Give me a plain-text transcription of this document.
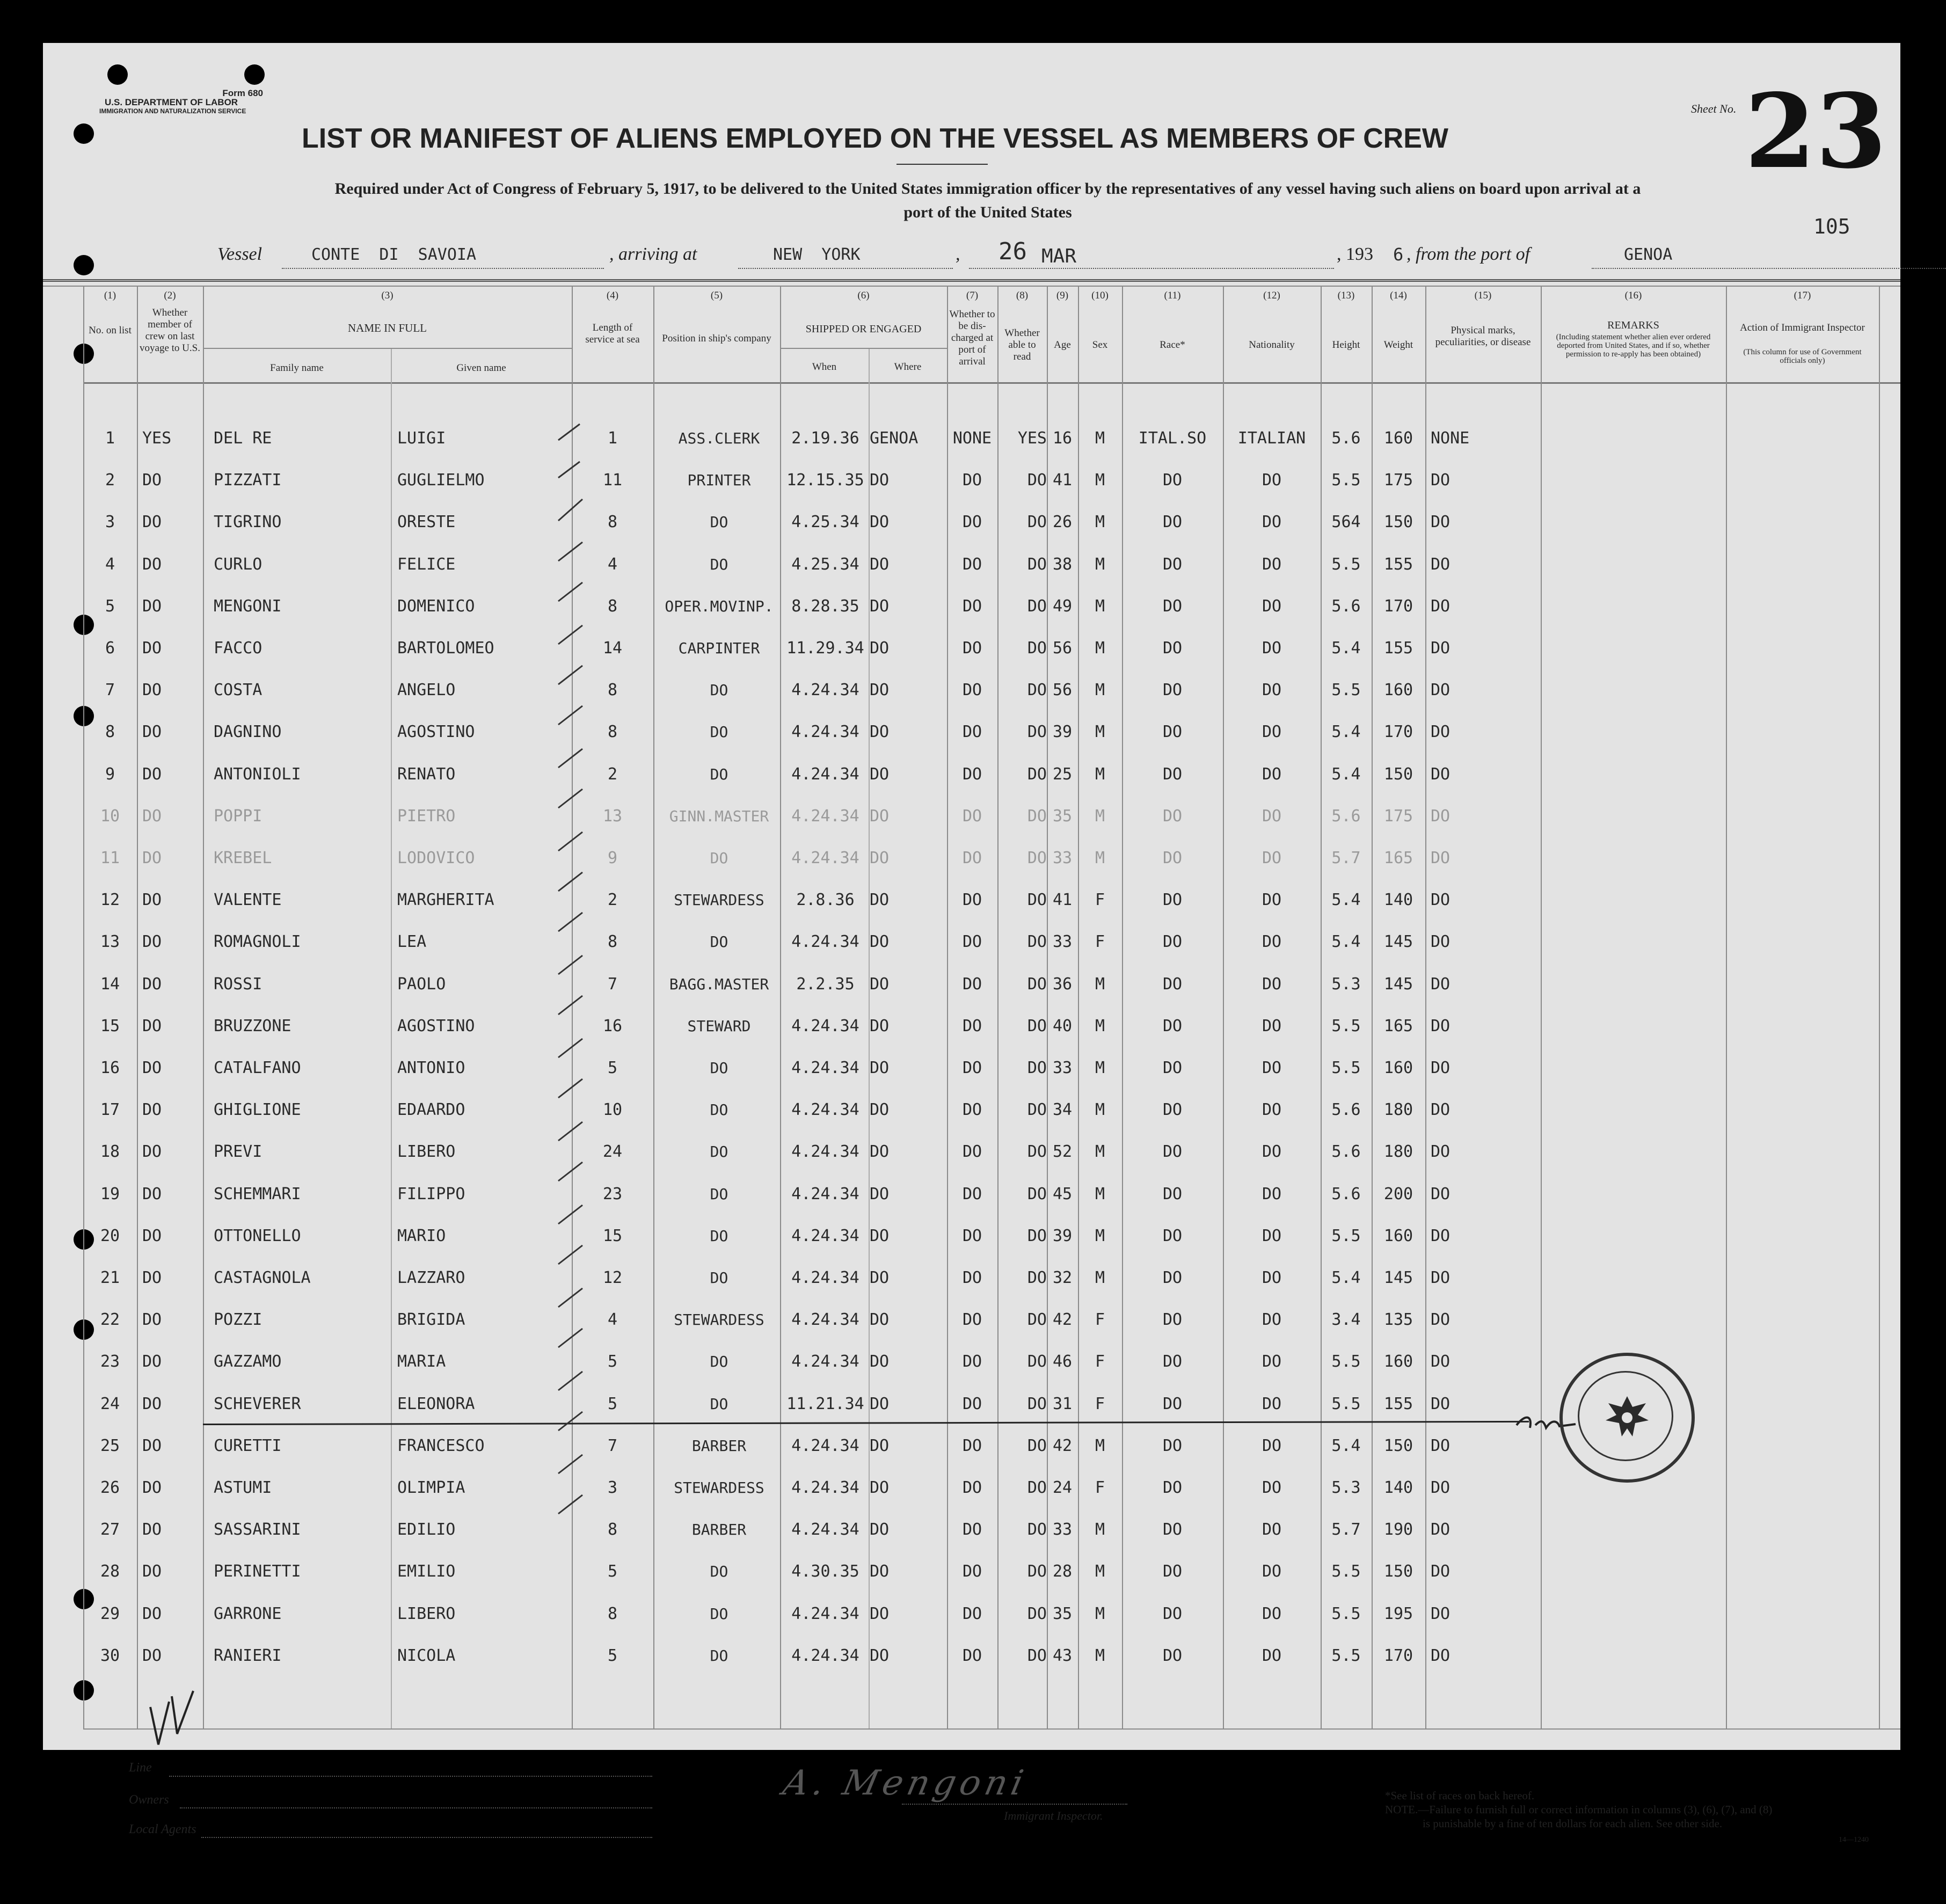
Form 680
U.S. DEPARTMENT OF LABOR
IMMIGRATION AND NATURALIZATION SERVICE
LIST OR MANIFEST OF ALIENS EMPLOYED ON THE VESSEL AS MEMBERS OF CREW
Required under Act of Congress of February 5, 1917, to be delivered to the United States immigration officer by the representatives of any vessel having such aliens on board upon arrival at a
port of the United States
Sheet No. 23
105
Vessel	CONTE  DI  SAVOIA	, arriving at	NEW  YORK	, 26 MAR	, 193 6 , from the port of	GENOA
(1)	(2)	(3)	(4)	(5)	(6)	(7)	(8)	(9)	(10)	(11)	(12)	(13)	(14)	(15)	(16)	(17)
No. on list
Whether member of crew on last voyage to U.S.
NAME IN FULL
Family name	Given name
Length of service at sea Position in ship's company
SHIPPED OR ENGAGED
When	Where
Whether to be dis-charged at port of arrival
Whether able to read
Age	Sex	Race*	Nationality	Height	Weight
Physical marks, peculiarities, or disease
REMARKS
(Including statement whether alien ever ordered deported from United States, and if so, whether permission to re-apply has been obtained)
Action of Immigrant Inspector
(This column for use of Government officials only)
1	YES	DEL RE	LUIGI	1	ASS.CLERK	2.19.36 GENOA	NONE	YES 16	M	ITAL.SO	ITALIAN	5.6	160	NONE
2	DO	PIZZATI	GUGLIELMO	11	PRINTER	12.15.35 DO	DO	DO 41	M	DO	DO	5.5	175	DO
3	DO	TIGRINO	ORESTE	8	DO	4.25.34 DO	DO	DO 26	M	DO	DO	564	150	DO
4	DO	CURLO	FELICE	4	DO	4.25.34 DO	DO	DO 38	M	DO	DO	5.5	155	DO
5	DO	MENGONI	DOMENICO	8	OPER.MOVINP.	8.28.35 DO	DO	DO 49	M	DO	DO	5.6	170	DO
6	DO	FACCO	BARTOLOMEO	14	CARPINTER	11.29.34 DO	DO	DO 56	M	DO	DO	5.4	155	DO
7	DO	COSTA	ANGELO	8	DO	4.24.34 DO	DO	DO 56	M	DO	DO	5.5	160	DO
8	DO	DAGNINO	AGOSTINO	8	DO	4.24.34 DO	DO	DO 39	M	DO	DO	5.4	170	DO
9	DO	ANTONIOLI	RENATO	2	DO	4.24.34 DO	DO	DO 25	M	DO	DO	5.4	150	DO
10	DO	POPPI	PIETRO	13	GINN.MASTER	4.24.34 DO	DO	DO 35	M	DO	DO	5.6	175	DO
11	DO	KREBEL	LODOVICO	9	DO	4.24.34 DO	DO	DO 33	M	DO	DO	5.7	165	DO
12	DO	VALENTE	MARGHERITA	2	STEWARDESS	2.8.36 DO	DO	DO 41	F	DO	DO	5.4	140	DO
13	DO	ROMAGNOLI	LEA	8	DO	4.24.34 DO	DO	DO 33	F	DO	DO	5.4	145	DO
14	DO	ROSSI	PAOLO	7	BAGG.MASTER	2.2.35 DO	DO	DO 36	M	DO	DO	5.3	145	DO
15	DO	BRUZZONE	AGOSTINO	16	STEWARD	4.24.34 DO	DO	DO 40	M	DO	DO	5.5	165	DO
16	DO	CATALFANO	ANTONIO	5	DO	4.24.34 DO	DO	DO 33	M	DO	DO	5.5	160	DO
17	DO	GHIGLIONE	EDAARDO	10	DO	4.24.34 DO	DO	DO 34	M	DO	DO	5.6	180	DO
18	DO	PREVI	LIBERO	24	DO	4.24.34 DO	DO	DO 52	M	DO	DO	5.6	180	DO
19	DO	SCHEMMARI	FILIPPO	23	DO	4.24.34 DO	DO	DO 45	M	DO	DO	5.6	200	DO
20	DO	OTTONELLO	MARIO	15	DO	4.24.34 DO	DO	DO 39	M	DO	DO	5.5	160	DO
21	DO	CASTAGNOLA	LAZZARO	12	DO	4.24.34 DO	DO	DO 32	M	DO	DO	5.4	145	DO
22	DO	POZZI	BRIGIDA	4	STEWARDESS	4.24.34 DO	DO	DO 42	F	DO	DO	3.4	135	DO
23	DO	GAZZAMO	MARIA	5	DO	4.24.34 DO	DO	DO 46	F	DO	DO	5.5	160	DO
24	DO	SCHEVERER	ELEONORA	5	DO	11.21.34 DO	DO	DO 31	F	DO	DO	5.5	155	DO
25	DO	CURETTI	FRANCESCO	7	BARBER	4.24.34 DO	DO	DO 42	M	DO	DO	5.4	150	DO
26	DO	ASTUMI	OLIMPIA	3	STEWARDESS	4.24.34 DO	DO	DO 24	F	DO	DO	5.3	140	DO
27	DO	SASSARINI	EDILIO	8	BARBER	4.24.34 DO	DO	DO 33	M	DO	DO	5.7	190	DO
28	DO	PERINETTI	EMILIO	5	DO	4.30.35 DO	DO	DO 28	M	DO	DO	5.5	150	DO
29	DO	GARRONE	LIBERO	8	DO	4.24.34 DO	DO	DO 35	M	DO	DO	5.5	195	DO
30	DO	RANIERI	NICOLA	5	DO	4.24.34 DO	DO	DO 43	M	DO	DO	5.5	170	DO
Line
Owners
Local Agents
A. Mengoni
Immigrant Inspector.
*See list of races on back hereof.
NOTE.—Failure to furnish full or correct information in columns (3), (6), (7), and (8)
is punishable by a fine of ten dollars for each alien. See other side.
14—1240
